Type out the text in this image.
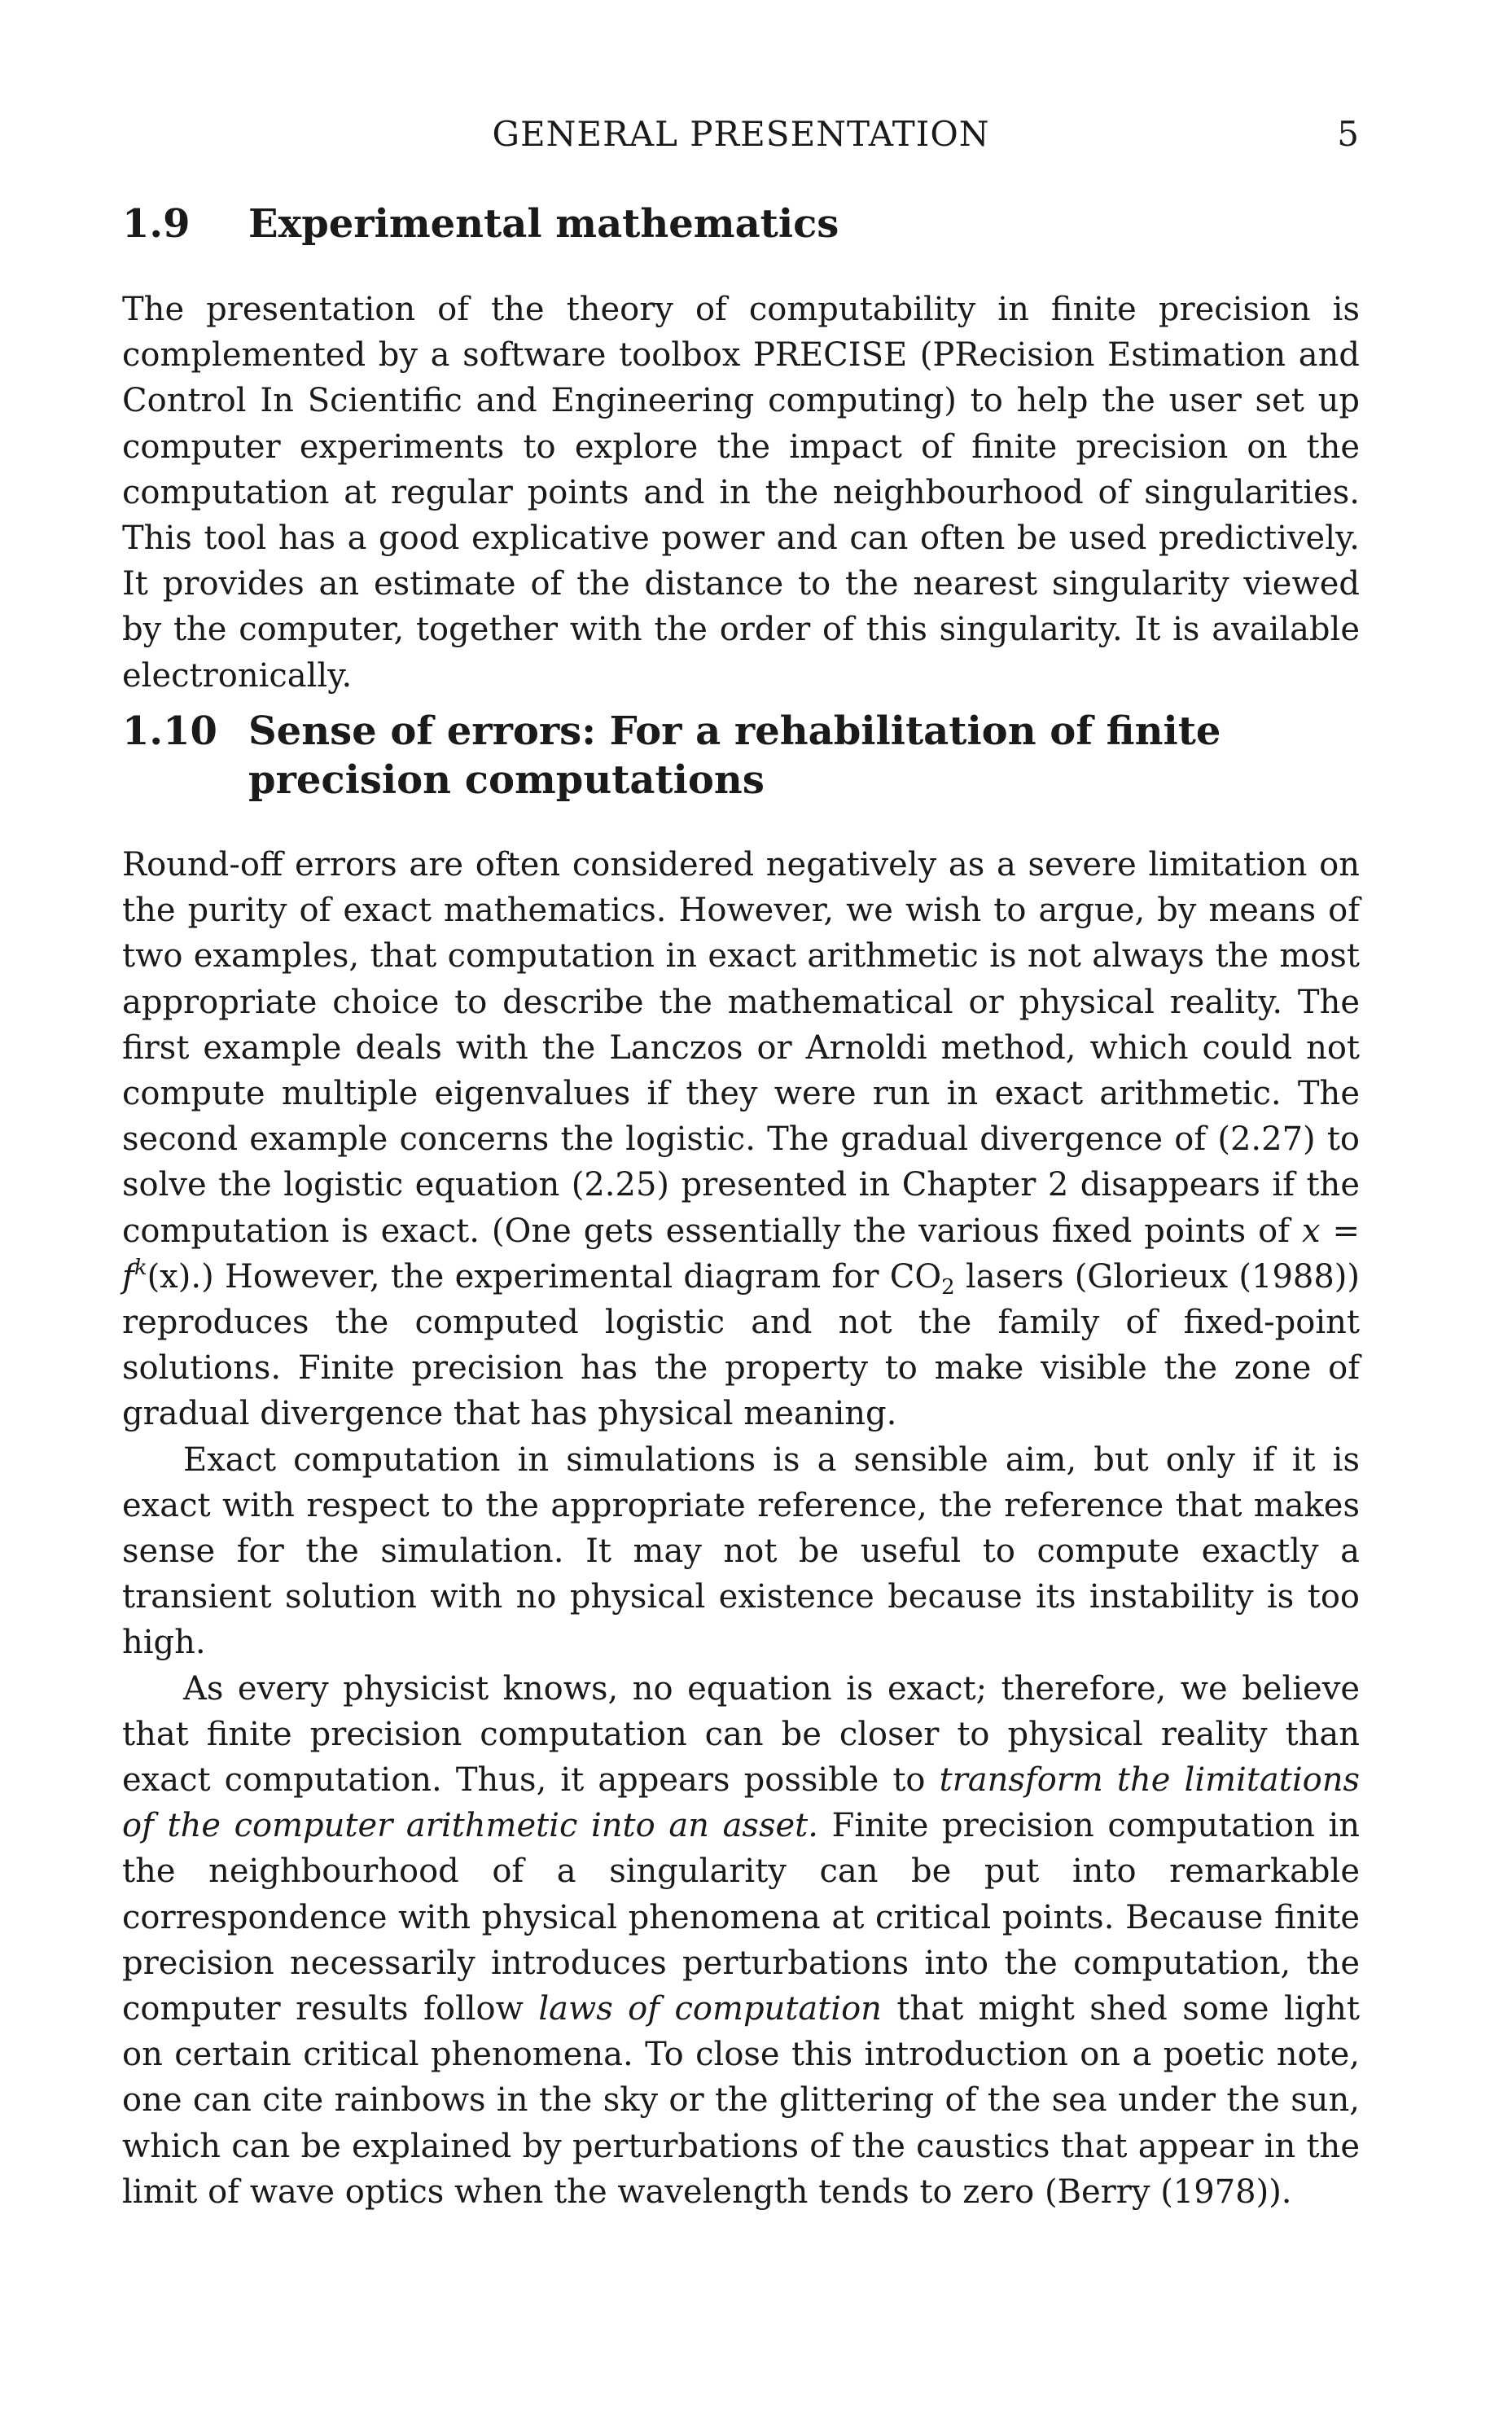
GENERAL PRESENTATION	5
1.9 Experimental mathematics

The presentation of the theory of computability in finite precision is complemented by a software toolbox PRECISE (PRecision Estimation and Control In Scientific and Engineering computing) to help the user set up computer experiments to explore the impact of finite precision on the computation at regular points and in the neighbourhood of singularities. This tool has a good explicative power and can often be used predictively. It provides an estimate of the distance to the nearest singularity viewed by the computer, together with the order of this singularity. It is available electronically.

1.10 Sense of errors: For a rehabilitation of finite precision computations

Round-off errors are often considered negatively as a severe limitation on the purity of exact mathematics. However, we wish to argue, by means of two examples, that computation in exact arithmetic is not always the most appropriate choice to describe the mathematical or physical reality. The first example deals with the Lanczos or Arnoldi method, which could not compute multiple eigenvalues if they were run in exact arithmetic. The second example concerns the logistic. The gradual divergence of (2.27) to solve the logistic equation (2.25) presented in Chapter 2 disappears if the computation is exact. (One gets essentially the various fixed points of $x = f^k(x)$.) However, the experimental diagram for $CO_2$ lasers (Glorieux (1988)) reproduces the computed logistic and not the family of fixed-point solutions. Finite precision has the property to make visible the zone of gradual divergence that has physical meaning.

Exact computation in simulations is a sensible aim, but only if it is exact with respect to the appropriate reference, the reference that makes sense for the simulation. It may not be useful to compute exactly a transient solution with no physical existence because its instability is too high.

As every physicist knows, no equation is exact; therefore, we believe that finite precision computation can be closer to physical reality than exact computation. Thus, it appears possible to transform the limitations of the computer arithmetic into an asset. Finite precision computation in the neighbourhood of a singularity can be put into remarkable correspondence with physical phenomena at critical points. Because finite precision necessarily introduces perturbations into the computation, the computer results follow laws of computation that might shed some light on certain critical phenomena. To close this introduction on a poetic note, one can cite rainbows in the sky or the glittering of the sea under the sun, which can be explained by perturbations of the caustics that appear in the limit of wave optics when the wavelength tends to zero (Berry (1978)).
